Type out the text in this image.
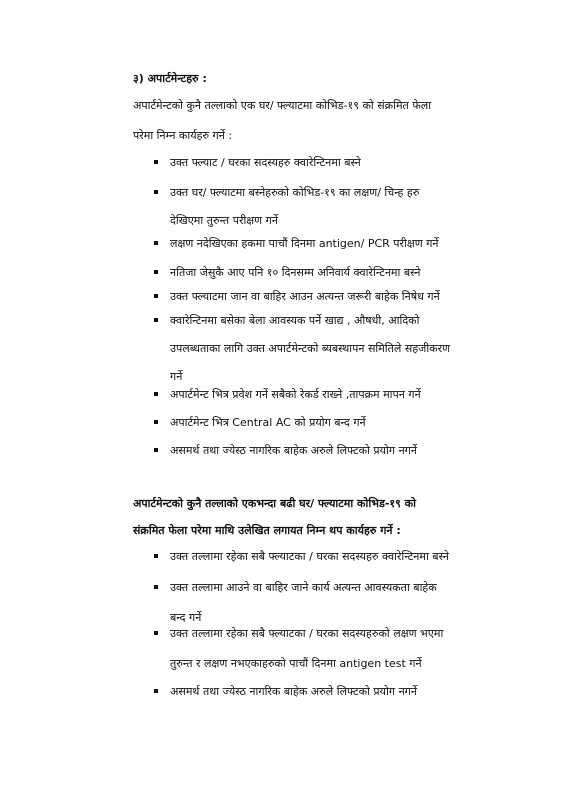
३) अपार्टमेन्टहरु :
अपार्टमेन्टको कुनै तल्लाको एक घर/ फ्ल्याटमा कोभिड-१९ को संक्रमित फेला
परेमा निम्न कार्यहरु गर्ने :
उक्त फ्ल्याट / घरका सदस्यहरु क्वारेन्टिनमा बस्ने
उक्त घर/ फ्ल्याटमा बस्नेहरुको कोभिड-१९ का लक्षण/ चिन्ह हरु
देखिएमा तुरुन्त परीक्षण गर्ने
लक्षण नदेखिएका हकमा पाचौं दिनमा antigen/ PCR परीक्षण गर्ने
नतिजा जेसुकै आए पनि १० दिनसम्म अनिवार्य क्वारेन्टिनमा बस्ने
उक्त फ्ल्याटमा जान वा बाहिर आउन अत्यन्त जरूरी बाहेक निषेध गर्ने
क्वारेन्टिनमा बसेका बेला आवस्यक पर्ने खाद्य , औषधी, आदिको
उपलब्धताका लागि उक्त अपार्टमेन्टको ब्यबस्थापन समितिले सहजीकरण
गर्ने
अपार्टमेन्ट भित्र प्रवेश गर्ने सबैको रेकर्ड राख्ने ,तापक्रम मापन गर्ने
अपार्टमेन्ट भित्र Central AC को प्रयोग बन्द गर्ने
असमर्थ तथा ज्येस्ठ नागरिक बाहेक अरुले लिफ्टको प्रयोग नगर्ने
अपार्टमेन्टको कुनै तल्लाको एकभन्दा बढी घर/ फ्ल्याटमा कोभिड-१९ को
संक्रमित फेला परेमा माथि उलेखित लगायत निम्न थप कार्यहरु गर्ने :
उक्त तल्लामा रहेका सबै फ्ल्याटका / घरका सदस्यहरु क्वारेन्टिनमा बस्ने
उक्त तल्लामा आउने वा बाहिर जाने कार्य अत्यन्त आवस्यकता बाहेक
बन्द गर्ने
उक्त तल्लामा रहेका सबै फ्ल्याटका / घरका सदस्यहरुको लक्षण भएमा
तुरुन्त र लक्षण नभएकाहरुको पाचौं दिनमा antigen test गर्ने
असमर्थ तथा ज्येस्ठ नागरिक बाहेक अरुले लिफ्टको प्रयोग नगर्ने
